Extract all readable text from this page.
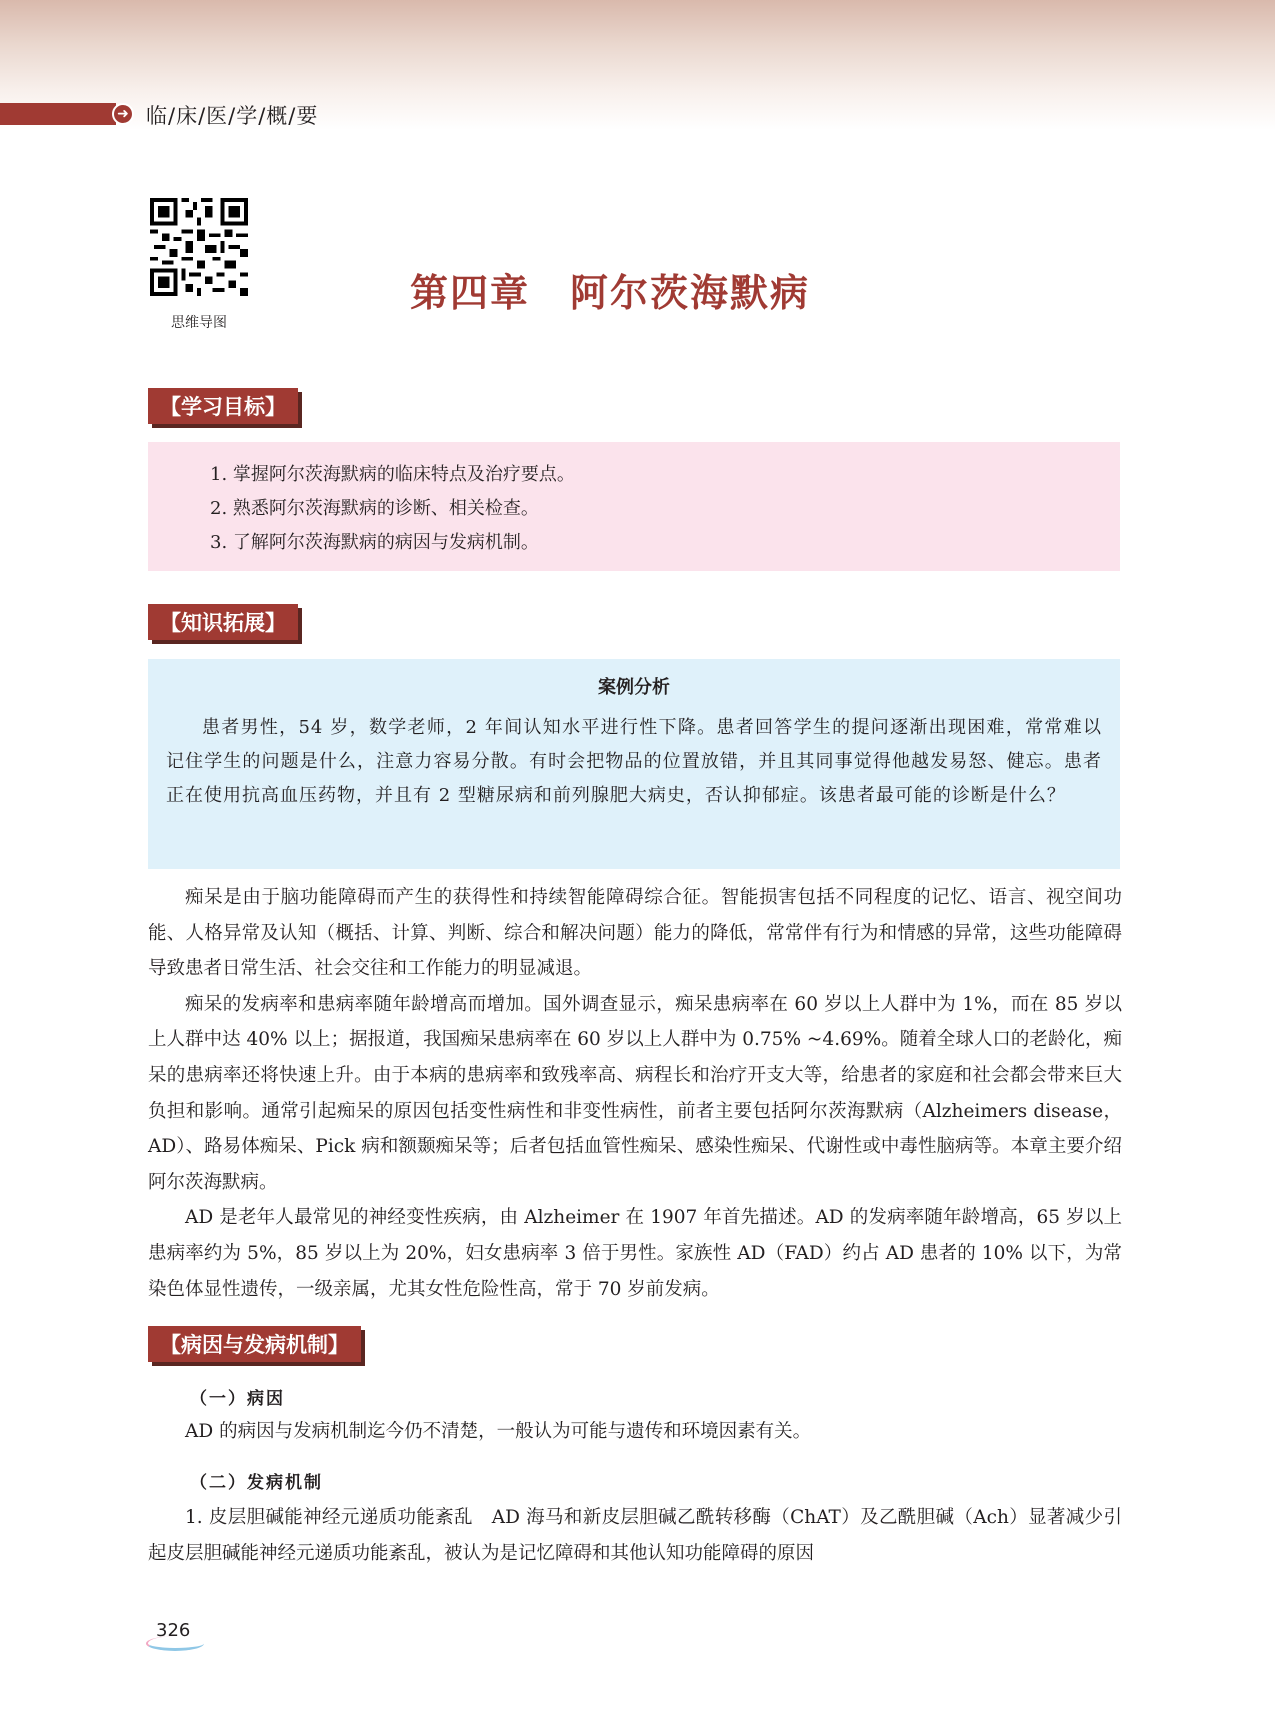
➜ 临/床/医/学/概/要
思维导图
第四章　 阿尔茨海默病
【学习目标】
1. 掌握阿尔茨海默病的临床特点及治疗要点。
2. 熟悉阿尔茨海默病的诊断、相关检查。
3. 了解阿尔茨海默病的病因与发病机制。
【知识拓展】
案例分析
患者男性，54 岁，数学老师，2 年间认知水平进行性下降。患者回答学生的提问逐渐出现困难，常常难以记住学生的问题是什么，注意力容易分散。有时会把物品的位置放错，并且其同事觉得他越发易怒、健忘。患者正在使用抗高血压药物，并且有 2 型糖尿病和前列腺肥大病史，否认抑郁症。该患者最可能的诊断是什么？

痴呆是由于脑功能障碍而产生的获得性和持续智能障碍综合征。智能损害包括不同程度的记忆、语言、视空间功能、人格异常及认知（概括、计算、判断、综合和解决问题）能力的降低，常常伴有行为和情感的异常，这些功能障碍导致患者日常生活、社会交往和工作能力的明显减退。

痴呆的发病率和患病率随年龄增高而增加。国外调查显示，痴呆患病率在 60 岁以上人群中为 1%，而在 85 岁以上人群中达 40% 以上；据报道，我国痴呆患病率在 60 岁以上人群中为 0.75% ~4.69%。随着全球人口的老龄化，痴呆的患病率还将快速上升。由于本病的患病率和致残率高、病程长和治疗开支大等，给患者的家庭和社会都会带来巨大负担和影响。通常引起痴呆的原因包括变性病性和非变性病性，前者主要包括阿尔茨海默病（Alzheimers disease，AD）、路易体痴呆、Pick 病和额颞痴呆等；后者包括血管性痴呆、感染性痴呆、代谢性或中毒性脑病等。本章主要介绍阿尔茨海默病。

AD 是老年人最常见的神经变性疾病，由 Alzheimer 在 1907 年首先描述。AD 的发病率随年龄增高，65 岁以上患病率约为 5%，85 岁以上为 20%，妇女患病率 3 倍于男性。家族性 AD（FAD）约占 AD 患者的 10% 以下，为常染色体显性遗传，一级亲属，尤其女性危险性高，常于 70 岁前发病。

【病因与发病机制】
（一）病因

AD 的病因与发病机制迄今仍不清楚，一般认为可能与遗传和环境因素有关。

（二）发病机制

1. 皮层胆碱能神经元递质功能紊乱　AD 海马和新皮层胆碱乙酰转移酶（ChAT）及乙酰胆碱（Ach）显著减少引起皮层胆碱能神经元递质功能紊乱，被认为是记忆障碍和其他认知功能障碍的原因

326
